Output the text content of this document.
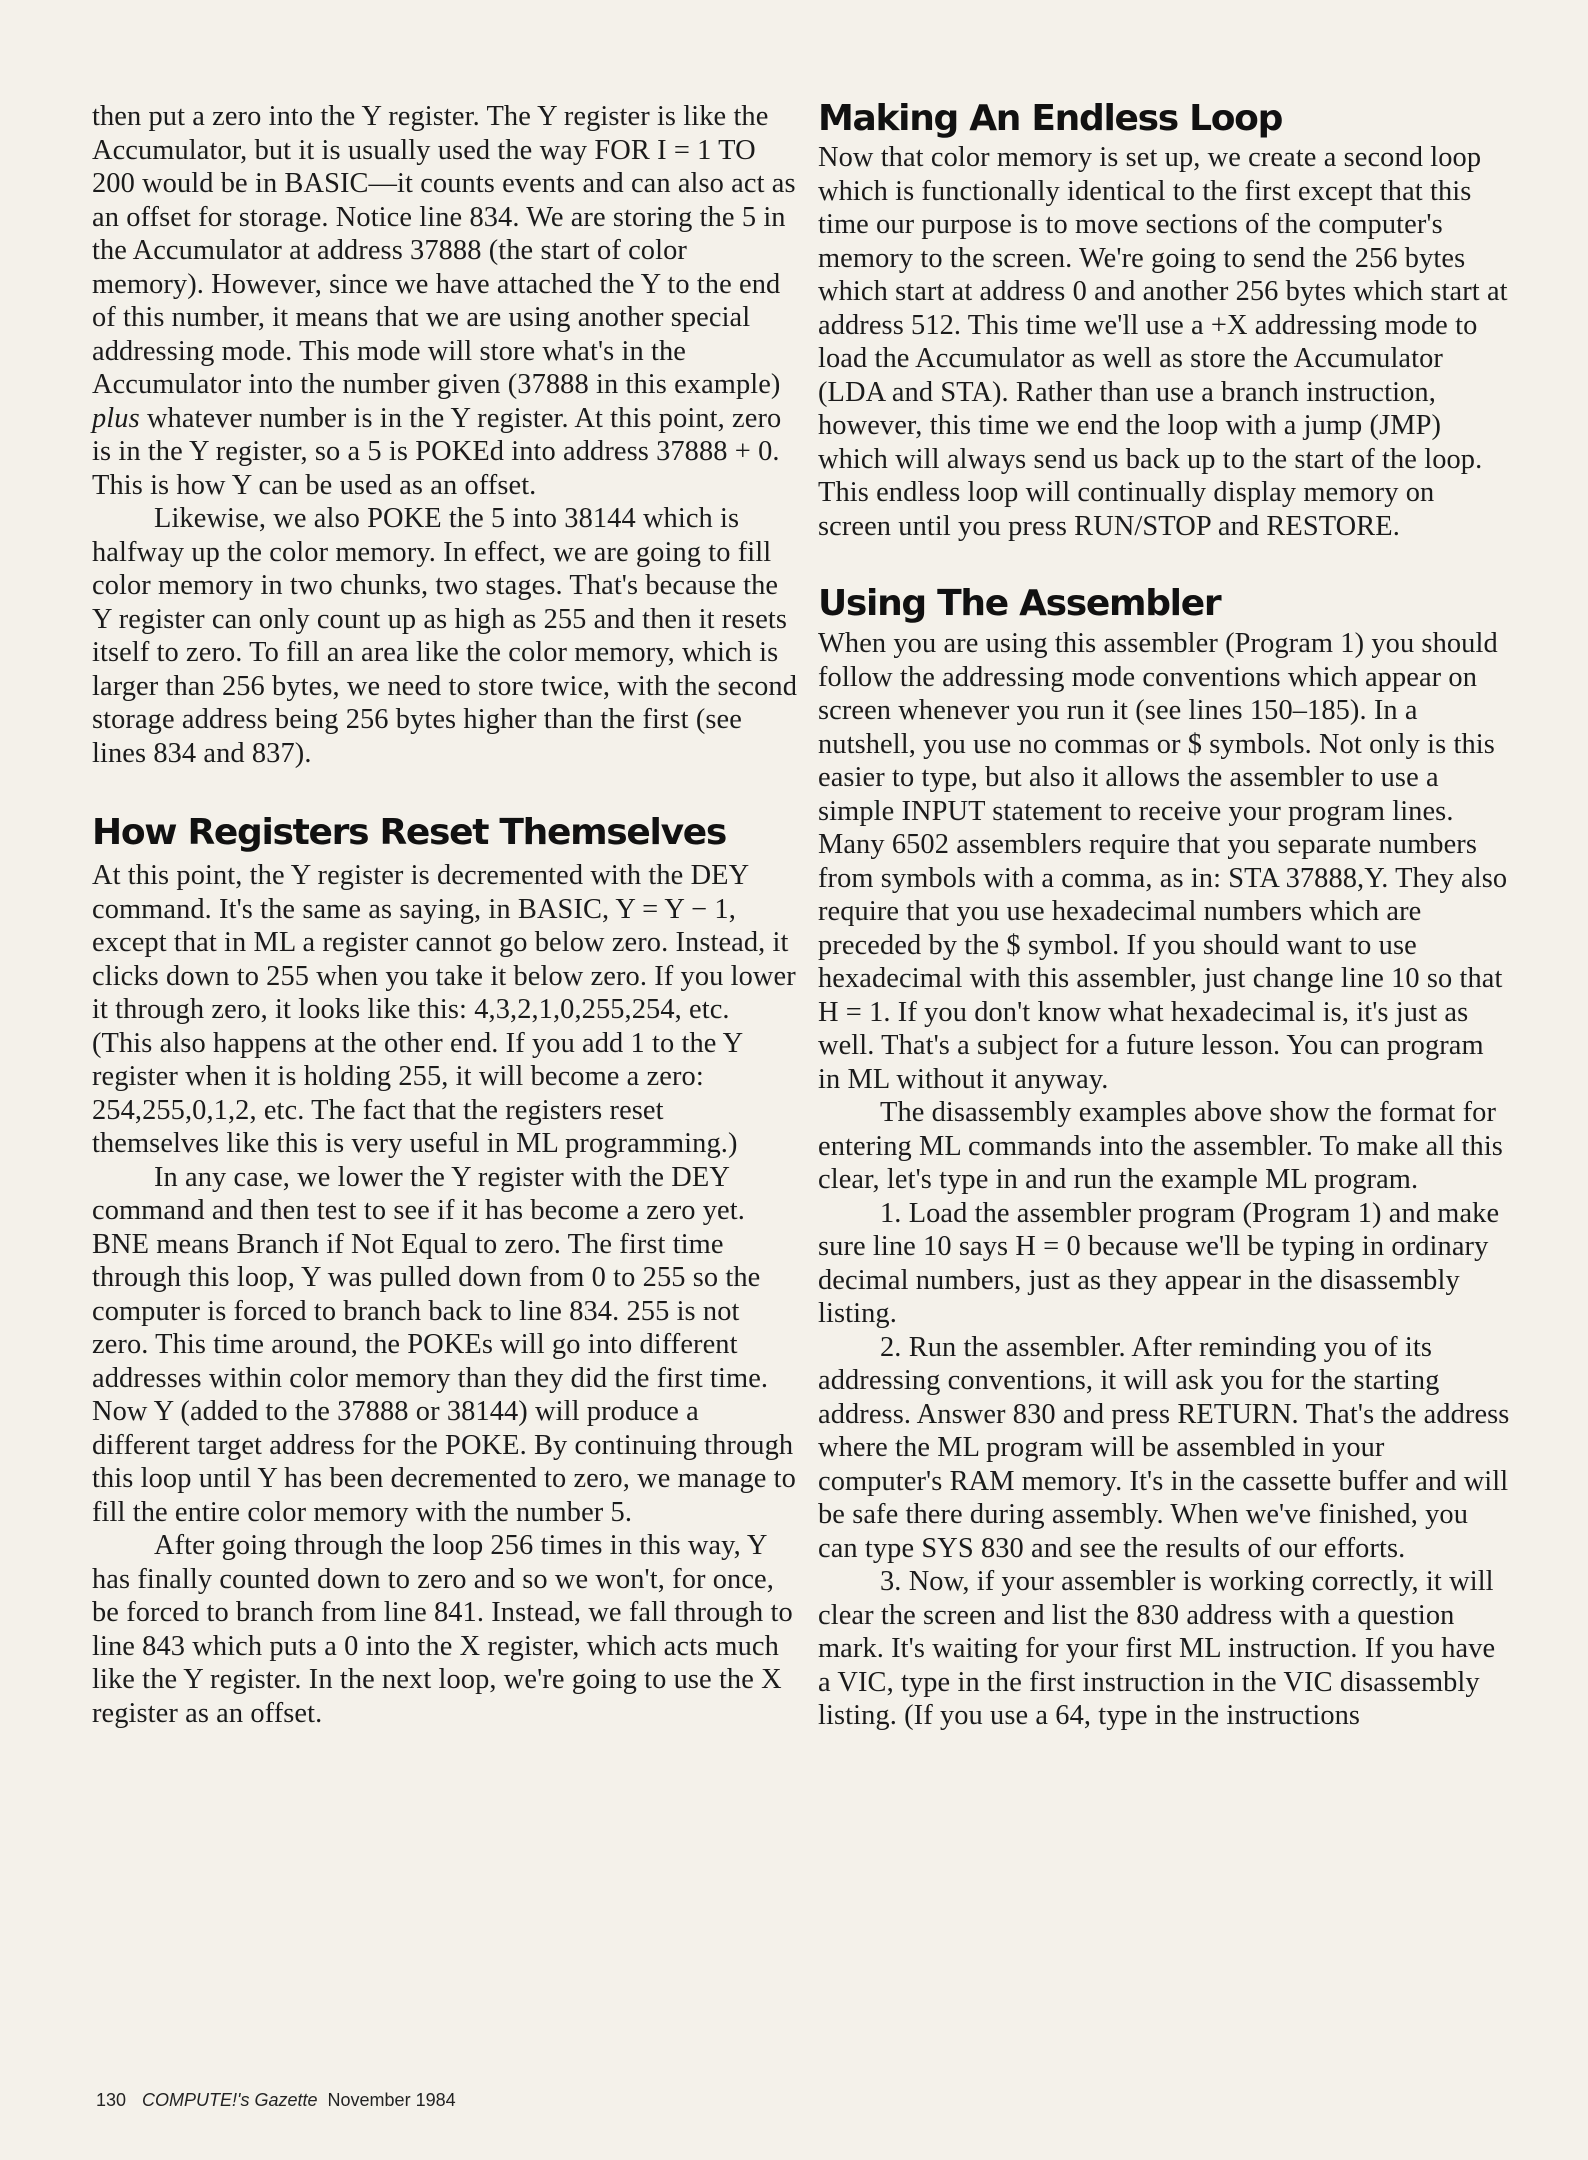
then put a zero into the Y register. The Y register is like the Accumulator, but it is usually used the way FOR I = 1 TO 200 would be in BASIC—it counts events and can also act as an offset for storage. Notice line 834. We are storing the 5 in the Accumulator at address 37888 (the start of color memory). However, since we have attached the Y to the end of this number, it means that we are using another special addressing mode. This mode will store what's in the Accumulator into the number given (37888 in this example) plus whatever number is in the Y register. At this point, zero is in the Y register, so a 5 is POKEd into address 37888 + 0. This is how Y can be used as an offset.

Likewise, we also POKE the 5 into 38144 which is halfway up the color memory. In effect, we are going to fill color memory in two chunks, two stages. That's because the Y register can only count up as high as 255 and then it resets itself to zero. To fill an area like the color memory, which is larger than 256 bytes, we need to store twice, with the second storage address being 256 bytes higher than the first (see lines 834 and 837).

How Registers Reset Themselves

At this point, the Y register is decremented with the DEY command. It's the same as saying, in BASIC, Y = Y − 1, except that in ML a register cannot go below zero. Instead, it clicks down to 255 when you take it below zero. If you lower it through zero, it looks like this: 4,3,2,1,0,255,254, etc. (This also happens at the other end. If you add 1 to the Y register when it is holding 255, it will become a zero: 254,255,0,1,2, etc. The fact that the registers reset themselves like this is very useful in ML programming.)

In any case, we lower the Y register with the DEY command and then test to see if it has become a zero yet. BNE means Branch if Not Equal to zero. The first time through this loop, Y was pulled down from 0 to 255 so the computer is forced to branch back to line 834. 255 is not zero. This time around, the POKEs will go into different addresses within color memory than they did the first time. Now Y (added to the 37888 or 38144) will produce a different target address for the POKE. By continuing through this loop until Y has been decremented to zero, we manage to fill the entire color memory with the number 5.

After going through the loop 256 times in this way, Y has finally counted down to zero and so we won't, for once, be forced to branch from line 841. Instead, we fall through to line 843 which puts a 0 into the X register, which acts much like the Y register. In the next loop, we're going to use the X register as an offset.

Making An Endless Loop

Now that color memory is set up, we create a second loop which is functionally identical to the first except that this time our purpose is to move sections of the computer's memory to the screen. We're going to send the 256 bytes which start at address 0 and another 256 bytes which start at address 512. This time we'll use a +X addressing mode to load the Accumulator as well as store the Accumulator (LDA and STA). Rather than use a branch instruction, however, this time we end the loop with a jump (JMP) which will always send us back up to the start of the loop. This endless loop will continually display memory on screen until you press RUN/STOP and RESTORE.

Using The Assembler

When you are using this assembler (Program 1) you should follow the addressing mode conventions which appear on screen whenever you run it (see lines 150–185). In a nutshell, you use no commas or $ symbols. Not only is this easier to type, but also it allows the assembler to use a simple INPUT statement to receive your program lines. Many 6502 assemblers require that you separate numbers from symbols with a comma, as in: STA 37888,Y. They also require that you use hexadecimal numbers which are preceded by the $ symbol. If you should want to use hexadecimal with this assembler, just change line 10 so that H = 1. If you don't know what hexadecimal is, it's just as well. That's a subject for a future lesson. You can program in ML without it anyway.

The disassembly examples above show the format for entering ML commands into the assembler. To make all this clear, let's type in and run the example ML program.

1. Load the assembler program (Program 1) and make sure line 10 says H = 0 because we'll be typing in ordinary decimal numbers, just as they appear in the disassembly listing.

2. Run the assembler. After reminding you of its addressing conventions, it will ask you for the starting address. Answer 830 and press RETURN. That's the address where the ML program will be assembled in your computer's RAM memory. It's in the cassette buffer and will be safe there during assembly. When we've finished, you can type SYS 830 and see the results of our efforts.

3. Now, if your assembler is working correctly, it will clear the screen and list the 830 address with a question mark. It's waiting for your first ML instruction. If you have a VIC, type in the first instruction in the VIC disassembly listing. (If you use a 64, type in the instructions

130 COMPUTE!'s Gazette November 1984
